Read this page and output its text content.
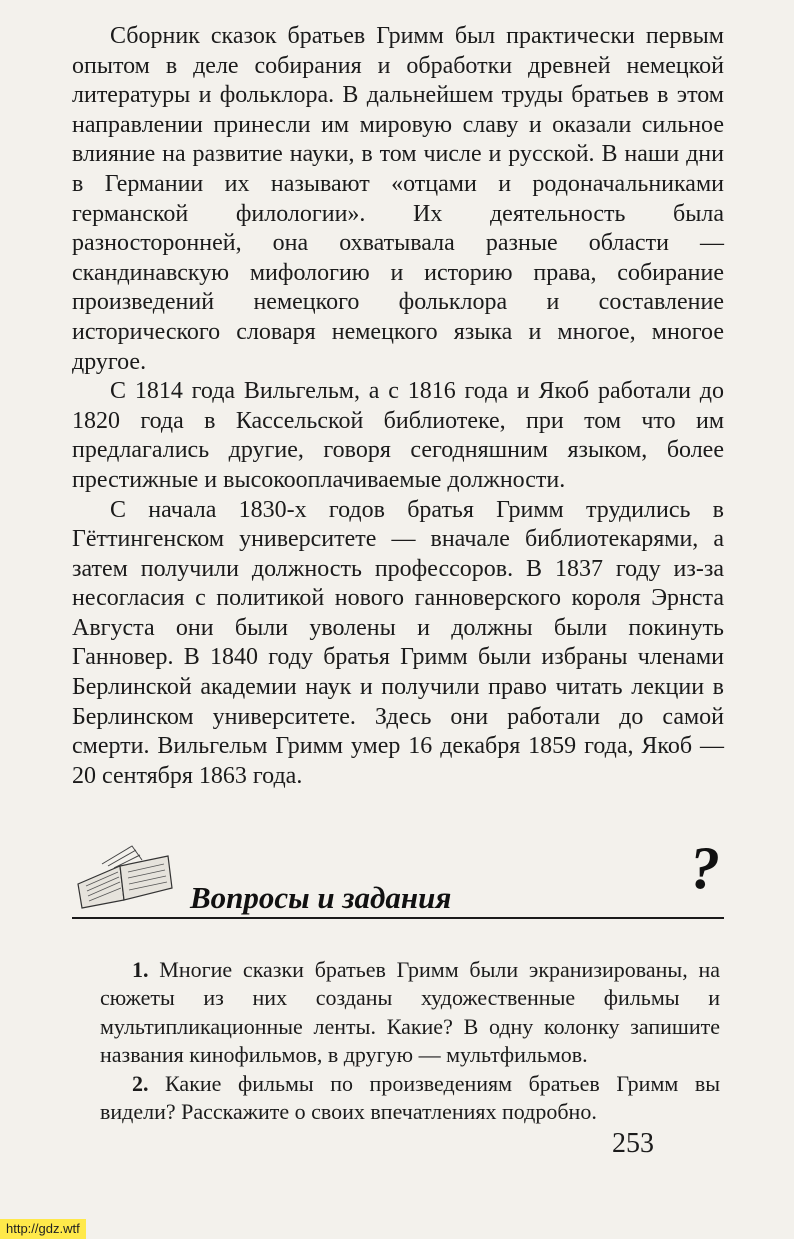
Сборник сказок братьев Гримм был практически первым опытом в деле собирания и обработки древней немецкой литературы и фольклора. В дальнейшем труды братьев в этом направлении принесли им мировую славу и оказали сильное влияние на развитие науки, в том числе и русской. В наши дни в Германии их называют «отцами и родоначальниками германской филологии». Их деятельность была разносторонней, она охватывала разные области — скандинавскую мифологию и историю права, собирание произведений немецкого фольклора и составление исторического словаря немецкого языка и многое, многое другое.

С 1814 года Вильгельм, а с 1816 года и Якоб работали до 1820 года в Кассельской библиотеке, при том что им предлагались другие, говоря сегодняшним языком, более престижные и высокооплачиваемые должности.

С начала 1830-х годов братья Гримм трудились в Гёттингенском университете — вначале библиотекарями, а затем получили должность профессоров. В 1837 году из-за несогласия с политикой нового ганноверского короля Эрнста Августа они были уволены и должны были покинуть Ганновер. В 1840 году братья Гримм были избраны членами Берлинской академии наук и получили право читать лекции в Берлинском университете. Здесь они работали до самой смерти. Вильгельм Гримм умер 16 декабря 1859 года, Якоб — 20 сентября 1863 года.

Вопросы и задания	?

1. Многие сказки братьев Гримм были экранизированы, на сюжеты из них созданы художественные фильмы и мультипликационные ленты. Какие? В одну колонку запишите названия кинофильмов, в другую — мультфильмов.

2. Какие фильмы по произведениям братьев Гримм вы видели? Расскажите о своих впечатлениях подробно.

253
http://gdz.wtf
